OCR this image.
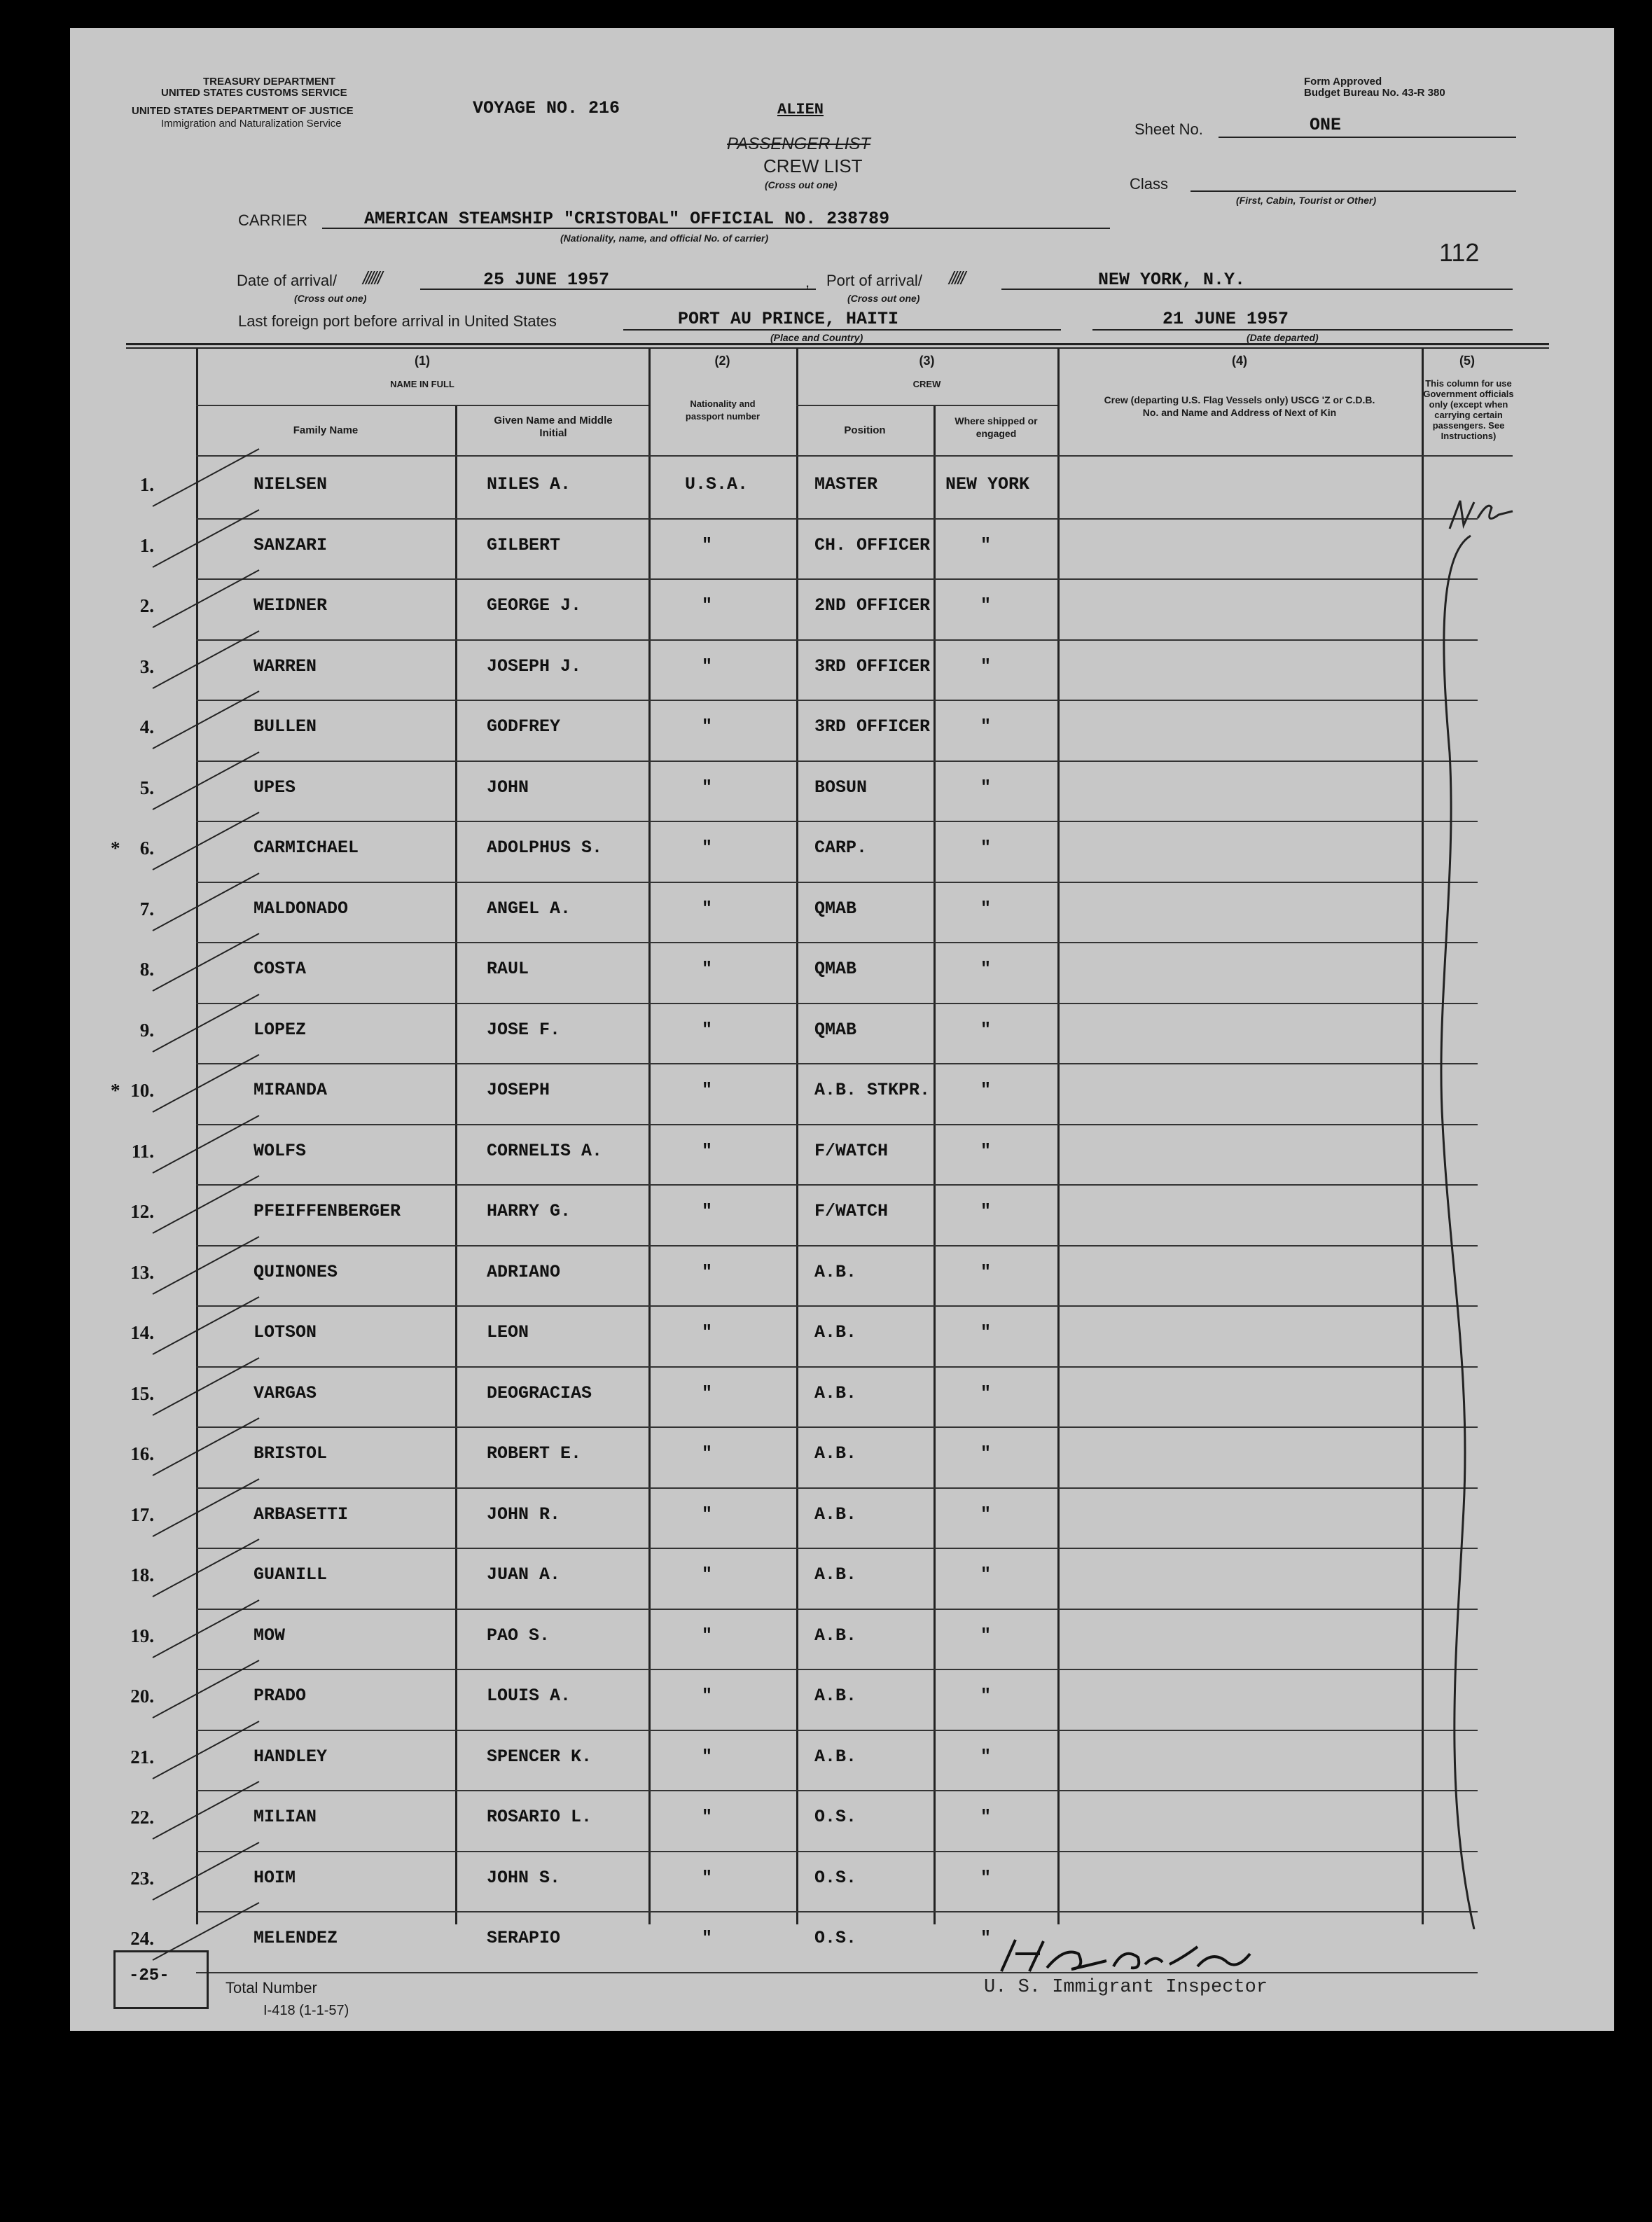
TREASURY DEPARTMENT
UNITED STATES CUSTOMS SERVICE
UNITED STATES DEPARTMENT OF JUSTICE
Immigration and Naturalization Service
VOYAGE NO. 216	ALIEN
PASSENGER LIST
CREW LIST
(Cross out one)
Form Approved
Budget Bureau No. 43-R 380
Sheet No.	ONE
Class
(First, Cabin, Tourist or Other)
CARRIER	AMERICAN STEAMSHIP "CRISTOBAL" OFFICIAL NO. 238789
(Nationality, name, and official No. of carrier)	112
Date of arrival/ //////	25 JUNE 1957
(Cross out one)
, Port of arrival/ /////	NEW YORK, N.Y.
(Cross out one)
Last foreign port before arrival in United States	PORT AU PRINCE, HAITI
(Place and Country)
21 JUNE 1957
(Date departed)
(1)
NAME IN FULL
Family Name
Given Name and Middle Initial
(2)
Nationality and passport number
(3)
CREW
Position
Where shipped or engaged
(4)
Crew (departing U.S. Flag Vessels only) USCG 'Z or C.D.B. No. and Name and Address of Next of Kin
(5)
This column for use Government officials only (except when carrying certain passengers. See Instructions)
1.	NIELSEN	NILES A.	U.S.A.	MASTER	NEW YORK
1.	SANZARI	GILBERT	"	CH. OFFICER	"
2.	WEIDNER	GEORGE J.	"	2ND OFFICER	"
3.	WARREN	JOSEPH J.	"	3RD OFFICER	"
4.	BULLEN	GODFREY	"	3RD OFFICER	"
5.	UPES	JOHN	"	BOSUN	"
*	6.	CARMICHAEL	ADOLPHUS S.	"	CARP.	"
7.	MALDONADO	ANGEL A.	"	QMAB	"
8.	COSTA	RAUL	"	QMAB	"
9.	LOPEZ	JOSE F.	"	QMAB	"
* 10.	MIRANDA	JOSEPH	"	A.B. STKPR.	"
11.	WOLFS	CORNELIS A.	"	F/WATCH	"
12.	PFEIFFENBERGER	HARRY G.	"	F/WATCH	"
13.	QUINONES	ADRIANO	"	A.B.	"
14.	LOTSON	LEON	"	A.B.	"
15.	VARGAS	DEOGRACIAS	"	A.B.	"
16.	BRISTOL	ROBERT E.	"	A.B.	"
17.	ARBASETTI	JOHN R.	"	A.B.	"
18.	GUANILL	JUAN A.	"	A.B.	"
19.	MOW	PAO S.	"	A.B.	"
20.	PRADO	LOUIS A.	"	A.B.	"
21.	HANDLEY	SPENCER K.	"	A.B.	"
22.	MILIAN	ROSARIO L.	"	O.S.	"
23.	HOIM	JOHN S.	"	O.S.	"
24.	MELENDEZ	SERAPIO	"	O.S.	"
-25-
Total Number
I-418 (1-1-57)
U. S. Immigrant Inspector
